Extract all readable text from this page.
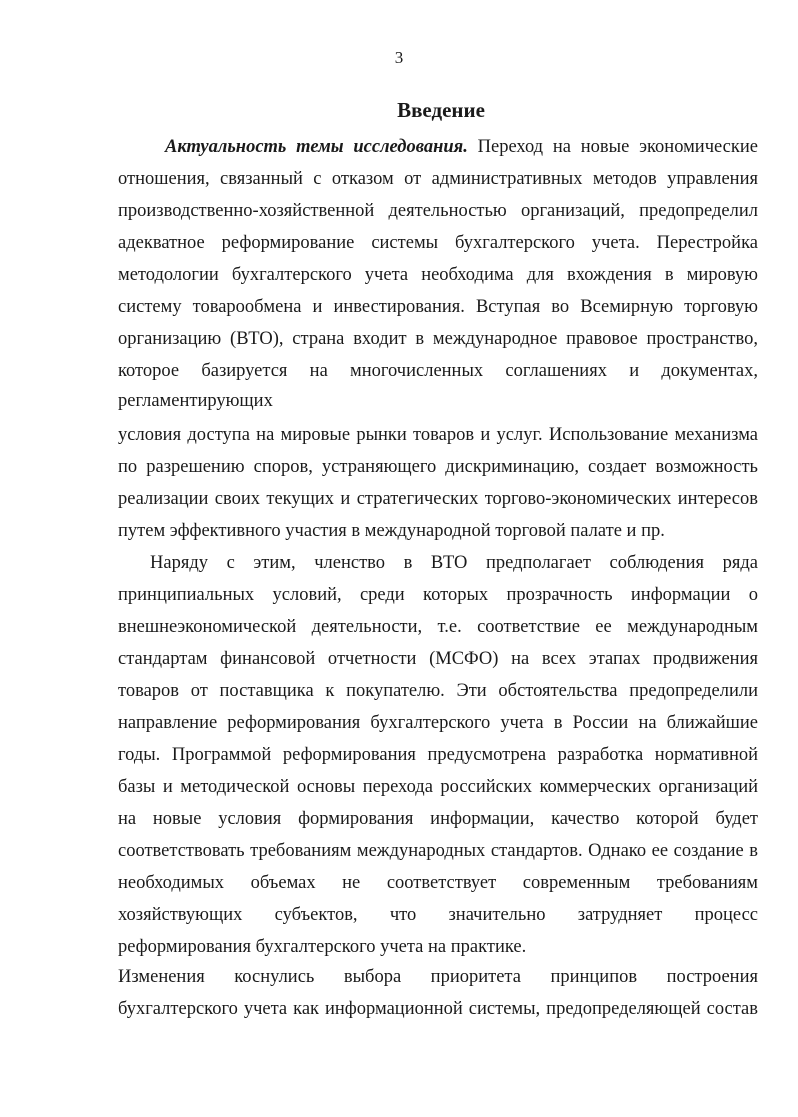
3
Введение
Актуальность темы исследования. Переход на новые экономические
отношения, связанный с отказом от административных методов управления
производственно-хозяйственной деятельностью организаций, предопределил
адекватное реформирование системы бухгалтерского учета. Перестройка
методологии бухгалтерского учета необходима для вхождения в мировую
систему товарообмена и инвестирования. Вступая во Всемирную торговую
организацию (ВТО), страна входит в международное правовое пространство,
которое базируется на многочисленных соглашениях и документах,
регламентирующих
условия доступа на мировые рынки товаров и услуг. Использование механизма
по разрешению споров, устраняющего дискриминацию, создает возможность
реализации своих текущих и стратегических торгово-экономических интересов
путем эффективного участия в международной торговой палате и пр.
Наряду с этим, членство в ВТО предполагает соблюдения ряда
принципиальных условий, среди которых прозрачность информации о
внешнеэкономической деятельности, т.е. соответствие ее международным
стандартам финансовой отчетности (МСФО) на всех этапах продвижения
товаров от поставщика к покупателю. Эти обстоятельства предопределили
направление реформирования бухгалтерского учета в России на ближайшие
годы. Программой реформирования предусмотрена разработка нормативной
базы и методической основы перехода российских коммерческих организаций
на новые условия формирования информации, качество которой будет
соответствовать требованиям международных стандартов. Однако ее создание в
необходимых объемах не соответствует современным требованиям
хозяйствующих субъектов, что значительно затрудняет процесс
реформирования бухгалтерского учета на практике.
Изменения коснулись выбора приоритета принципов построения
бухгалтерского учета как информационной системы, предопределяющей состав
